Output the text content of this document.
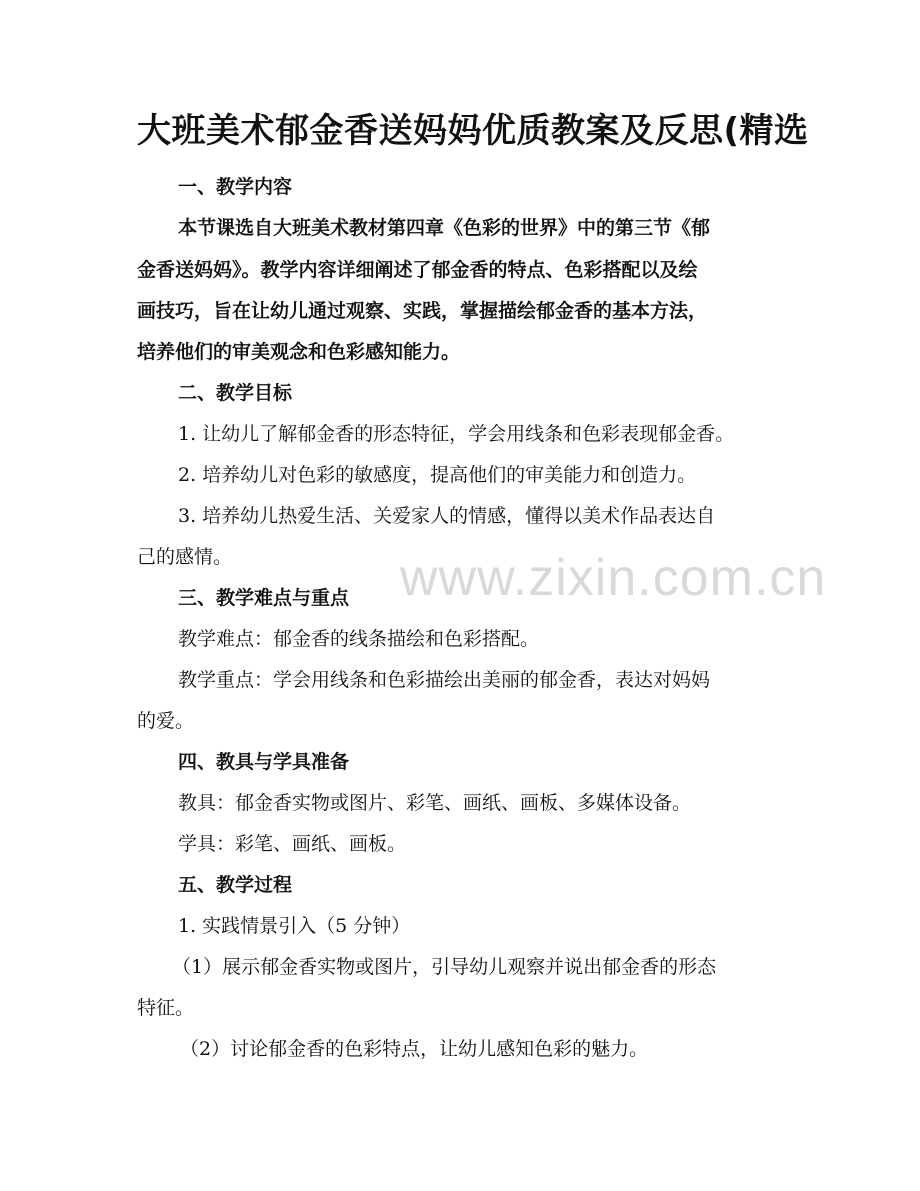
www.zixin.com.cn
大班美术郁金香送妈妈优质教案及反思(精选
一、教学内容
本节课选自大班美术教材第四章《色彩的世界》中的第三节《郁
金香送妈妈》。教学内容详细阐述了郁金香的特点、色彩搭配以及绘
画技巧，旨在让幼儿通过观察、实践，掌握描绘郁金香的基本方法，
培养他们的审美观念和色彩感知能力。
二、教学目标
1. 让幼儿了解郁金香的形态特征，学会用线条和色彩表现郁金香。
2. 培养幼儿对色彩的敏感度，提高他们的审美能力和创造力。
3. 培养幼儿热爱生活、关爱家人的情感，懂得以美术作品表达自
己的感情。
三、教学难点与重点
教学难点：郁金香的线条描绘和色彩搭配。
教学重点：学会用线条和色彩描绘出美丽的郁金香，表达对妈妈
的爱。
四、教具与学具准备
教具：郁金香实物或图片、彩笔、画纸、画板、多媒体设备。
学具：彩笔、画纸、画板。
五、教学过程
1. 实践情景引入（5 分钟）
（1）展示郁金香实物或图片，引导幼儿观察并说出郁金香的形态
特征。
（2）讨论郁金香的色彩特点，让幼儿感知色彩的魅力。
